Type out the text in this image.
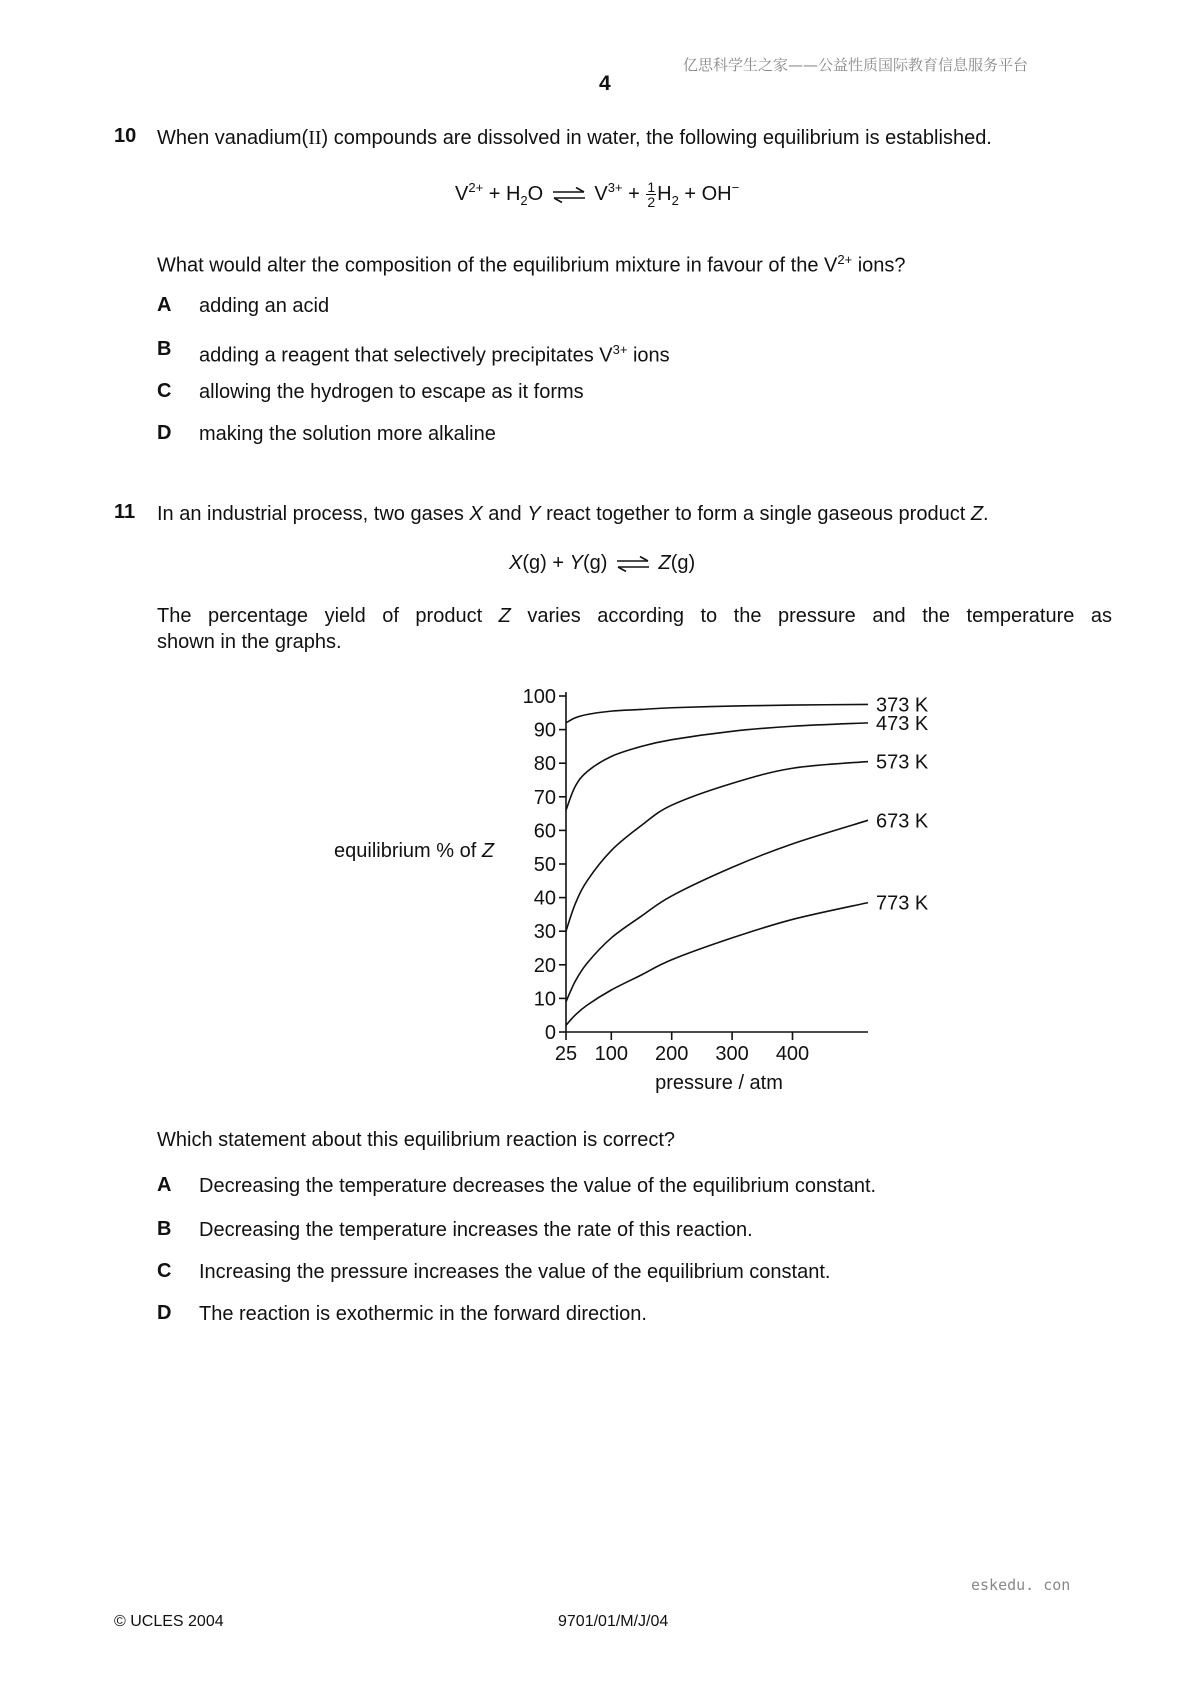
亿思科学生之家——公益性质国际教育信息服务平台
4
10 When vanadium(II) compounds are dissolved in water, the following equilibrium is established.
$V^{2+} + H_2O$ ⇌ $V^{3+} + \frac{1}{2} H_2 + OH^-$
What would alter the composition of the equilibrium mixture in favour of the $V^{2+}$ ions?
A adding an acid
B adding a reagent that selectively precipitates $V^{3+}$ ions
C allowing the hydrogen to escape as it forms
D making the solution more alkaline
11 In an industrial process, two gases X and Y react together to form a single gaseous product Z.
X(g) + Y(g) ⇌ Z(g)
The percentage yield of product Z varies according to the pressure and the temperature as
shown in the graphs.
equilibrium % of Z
0
10
20
30
40
50
60
70
80
90
100
25 100 200 300 400
373 K
473 K
573 K
673 K
773 K
pressure / atm
Which statement about this equilibrium reaction is correct?
A Decreasing the temperature decreases the value of the equilibrium constant.
B Decreasing the temperature increases the rate of this reaction.
C Increasing the pressure increases the value of the equilibrium constant.
D The reaction is exothermic in the forward direction.
eskedu. con
© UCLES 2004	9701/01/M/J/04
